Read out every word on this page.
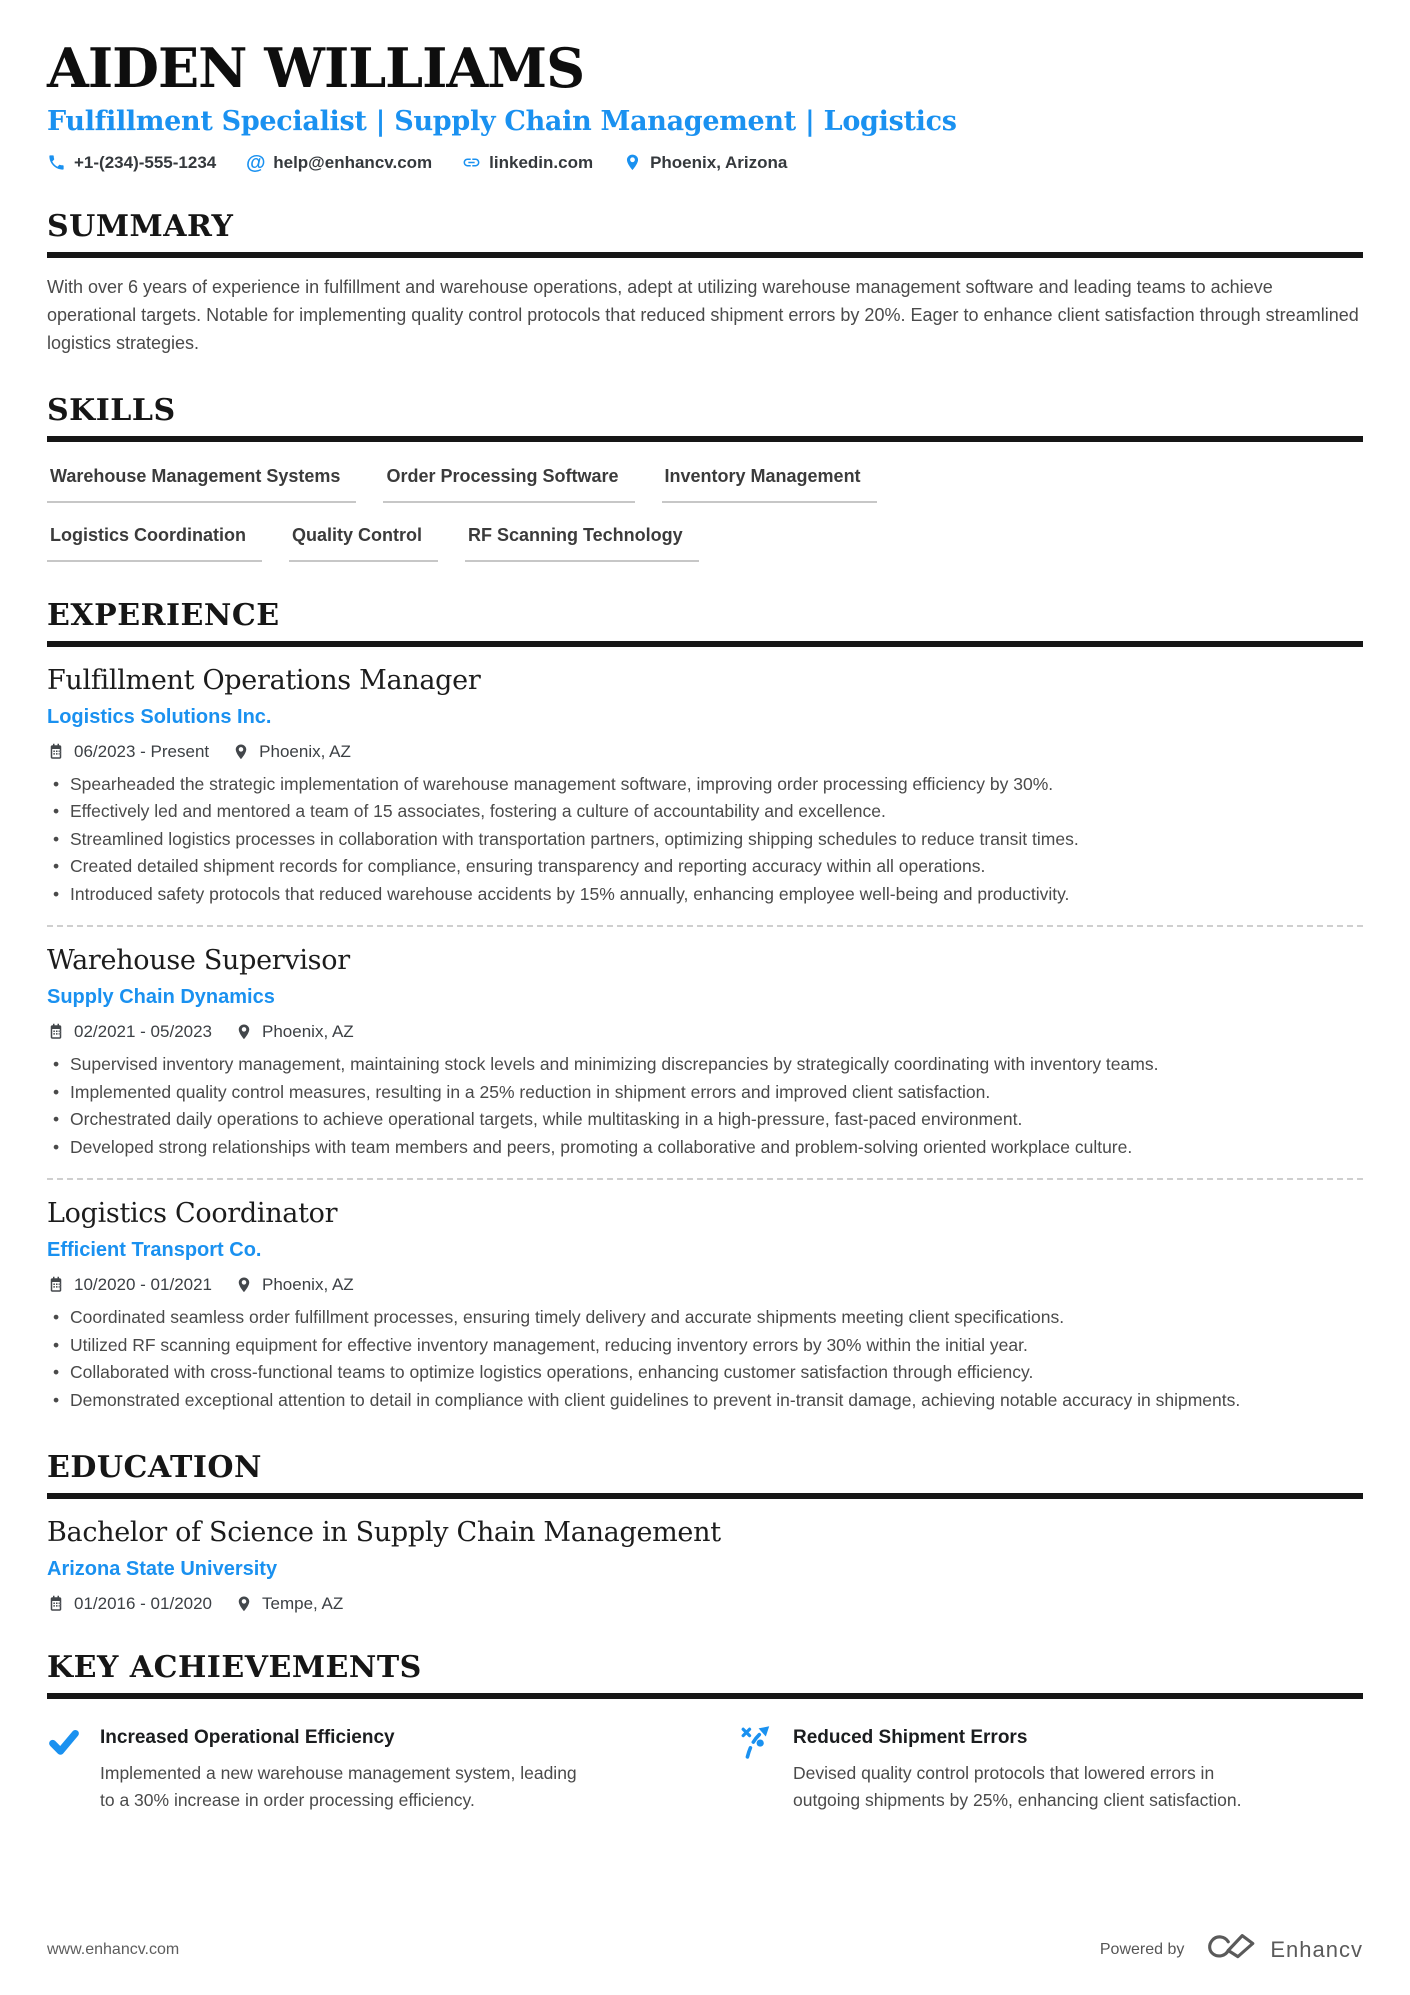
AIDEN WILLIAMS
Fulfillment Specialist | Supply Chain Management | Logistics
+1-(234)-555-1234 @ help@enhancv.com	linkedin.com	Phoenix, Arizona
SUMMARY

With over 6 years of experience in fulfillment and warehouse operations, adept at utilizing warehouse management software and leading teams to achieve operational targets. Notable for implementing quality control protocols that reduced shipment errors by 20%. Eager to enhance client satisfaction through streamlined logistics strategies.

SKILLS
Warehouse Management Systems	Order Processing Software	Inventory Management
Logistics Coordination	Quality Control	RF Scanning Technology
EXPERIENCE
Fulfillment Operations Manager
Logistics Solutions Inc.
06/2023 - Present	Phoenix, AZ
• Spearheaded the strategic implementation of warehouse management software, improving order processing efficiency by 30%.
• Effectively led and mentored a team of 15 associates, fostering a culture of accountability and excellence.
• Streamlined logistics processes in collaboration with transportation partners, optimizing shipping schedules to reduce transit times.
• Created detailed shipment records for compliance, ensuring transparency and reporting accuracy within all operations.
• Introduced safety protocols that reduced warehouse accidents by 15% annually, enhancing employee well-being and productivity.
Warehouse Supervisor
Supply Chain Dynamics
02/2021 - 05/2023	Phoenix, AZ
• Supervised inventory management, maintaining stock levels and minimizing discrepancies by strategically coordinating with inventory teams.
• Implemented quality control measures, resulting in a 25% reduction in shipment errors and improved client satisfaction.
• Orchestrated daily operations to achieve operational targets, while multitasking in a high-pressure, fast-paced environment.
• Developed strong relationships with team members and peers, promoting a collaborative and problem-solving oriented workplace culture.
Logistics Coordinator
Efficient Transport Co.
10/2020 - 01/2021	Phoenix, AZ
• Coordinated seamless order fulfillment processes, ensuring timely delivery and accurate shipments meeting client specifications.
• Utilized RF scanning equipment for effective inventory management, reducing inventory errors by 30% within the initial year.
• Collaborated with cross-functional teams to optimize logistics operations, enhancing customer satisfaction through efficiency.
• Demonstrated exceptional attention to detail in compliance with client guidelines to prevent in-transit damage, achieving notable accuracy in shipments.
EDUCATION
Bachelor of Science in Supply Chain Management
Arizona State University
01/2016 - 01/2020	Tempe, AZ
KEY ACHIEVEMENTS
Increased Operational Efficiency
Implemented a new warehouse management system, leading to a 30% increase in order processing efficiency.
Reduced Shipment Errors
Devised quality control protocols that lowered errors in outgoing shipments by 25%, enhancing client satisfaction.
www.enhancv.com	Powered by	Enhancv
